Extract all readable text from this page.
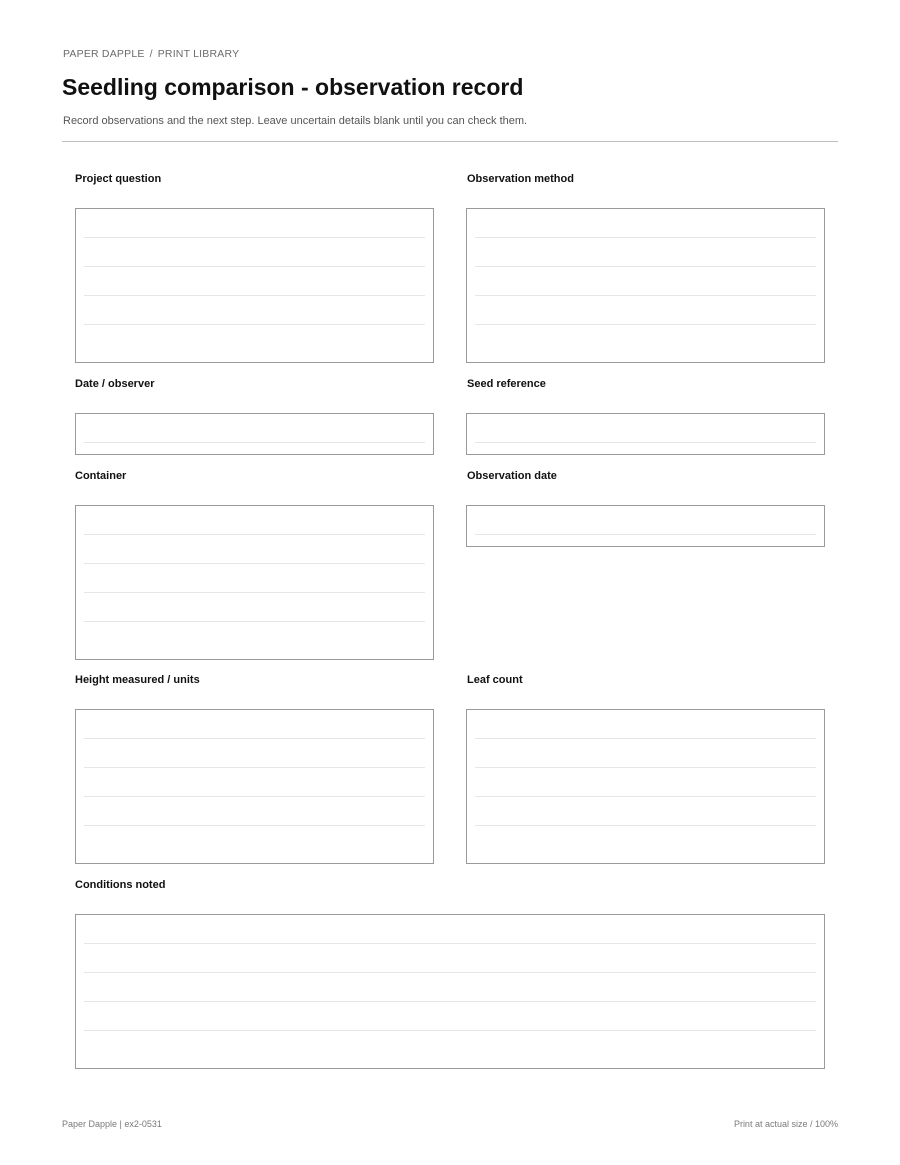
PAPER DAPPLE / PRINT LIBRARY
Seedling comparison - observation record

Record observations and the next step. Leave uncertain details blank until you can check them.

Project question	Observation method
Date / observer	Seed reference
Container	Observation date
Height measured / units	Leaf count
Conditions noted
Paper Dapple | ex2-0531	Print at actual size / 100%
